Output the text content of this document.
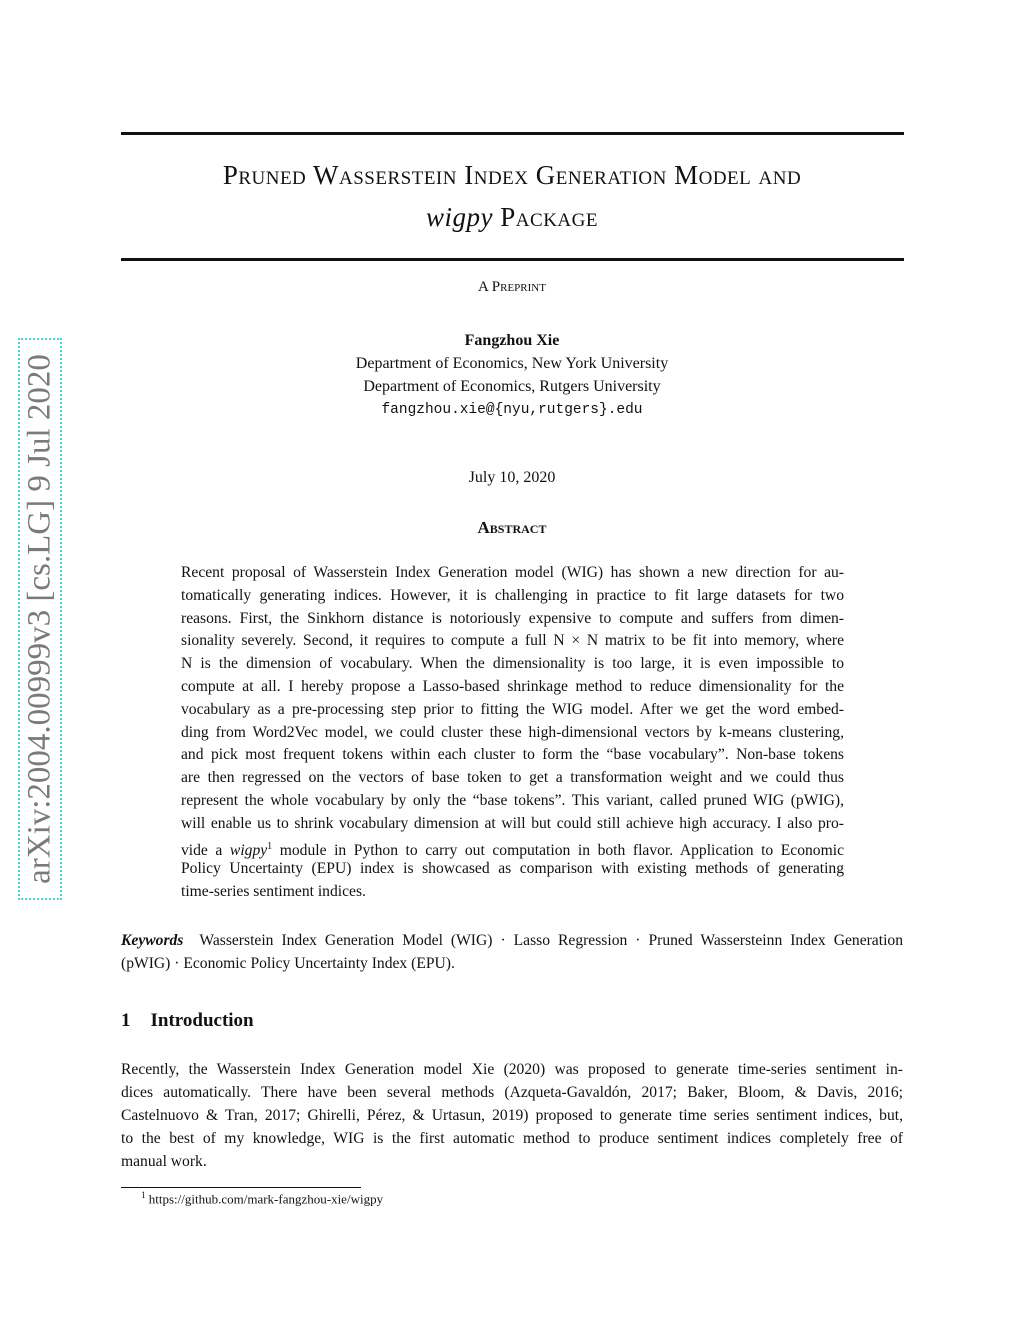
arXiv:2004.00999v3 [cs.LG] 9 Jul 2020
Pruned Wasserstein Index Generation Model and
wigpy Package
A Preprint
Fangzhou Xie
Department of Economics, New York University
Department of Economics, Rutgers University
fangzhou.xie@{nyu,rutgers}.edu
July 10, 2020
Abstract
Recent proposal of Wasserstein Index Generation model (WIG) has shown a new direction for au-
tomatically generating indices. However, it is challenging in practice to fit large datasets for two
reasons. First, the Sinkhorn distance is notoriously expensive to compute and suffers from dimen-
sionality severely. Second, it requires to compute a full N × N matrix to be fit into memory, where
N is the dimension of vocabulary. When the dimensionality is too large, it is even impossible to
compute at all. I hereby propose a Lasso-based shrinkage method to reduce dimensionality for the
vocabulary as a pre-processing step prior to fitting the WIG model. After we get the word embed-
ding from Word2Vec model, we could cluster these high-dimensional vectors by k-means clustering,
and pick most frequent tokens within each cluster to form the “base vocabulary”. Non-base tokens
are then regressed on the vectors of base token to get a transformation weight and we could thus
represent the whole vocabulary by only the “base tokens”. This variant, called pruned WIG (pWIG),
will enable us to shrink vocabulary dimension at will but could still achieve high accuracy. I also pro-
vide a wigpy$^1$ module in Python to carry out computation in both flavor. Application to Economic
Policy Uncertainty (EPU) index is showcased as comparison with existing methods of generating
time-series sentiment indices.
Keywords Wasserstein Index Generation Model (WIG) · Lasso Regression · Pruned Wassersteinn Index Generation
(pWIG) · Economic Policy Uncertainty Index (EPU).
1 Introduction
Recently, the Wasserstein Index Generation model Xie (2020) was proposed to generate time-series sentiment in-
dices automatically. There have been several methods (Azqueta-Gavaldón, 2017; Baker, Bloom, & Davis, 2016;
Castelnuovo & Tran, 2017; Ghirelli, Pérez, & Urtasun, 2019) proposed to generate time series sentiment indices, but,
to the best of my knowledge, WIG is the first automatic method to produce sentiment indices completely free of
manual work.
$^1$ https://github.com/mark-fangzhou-xie/wigpy
